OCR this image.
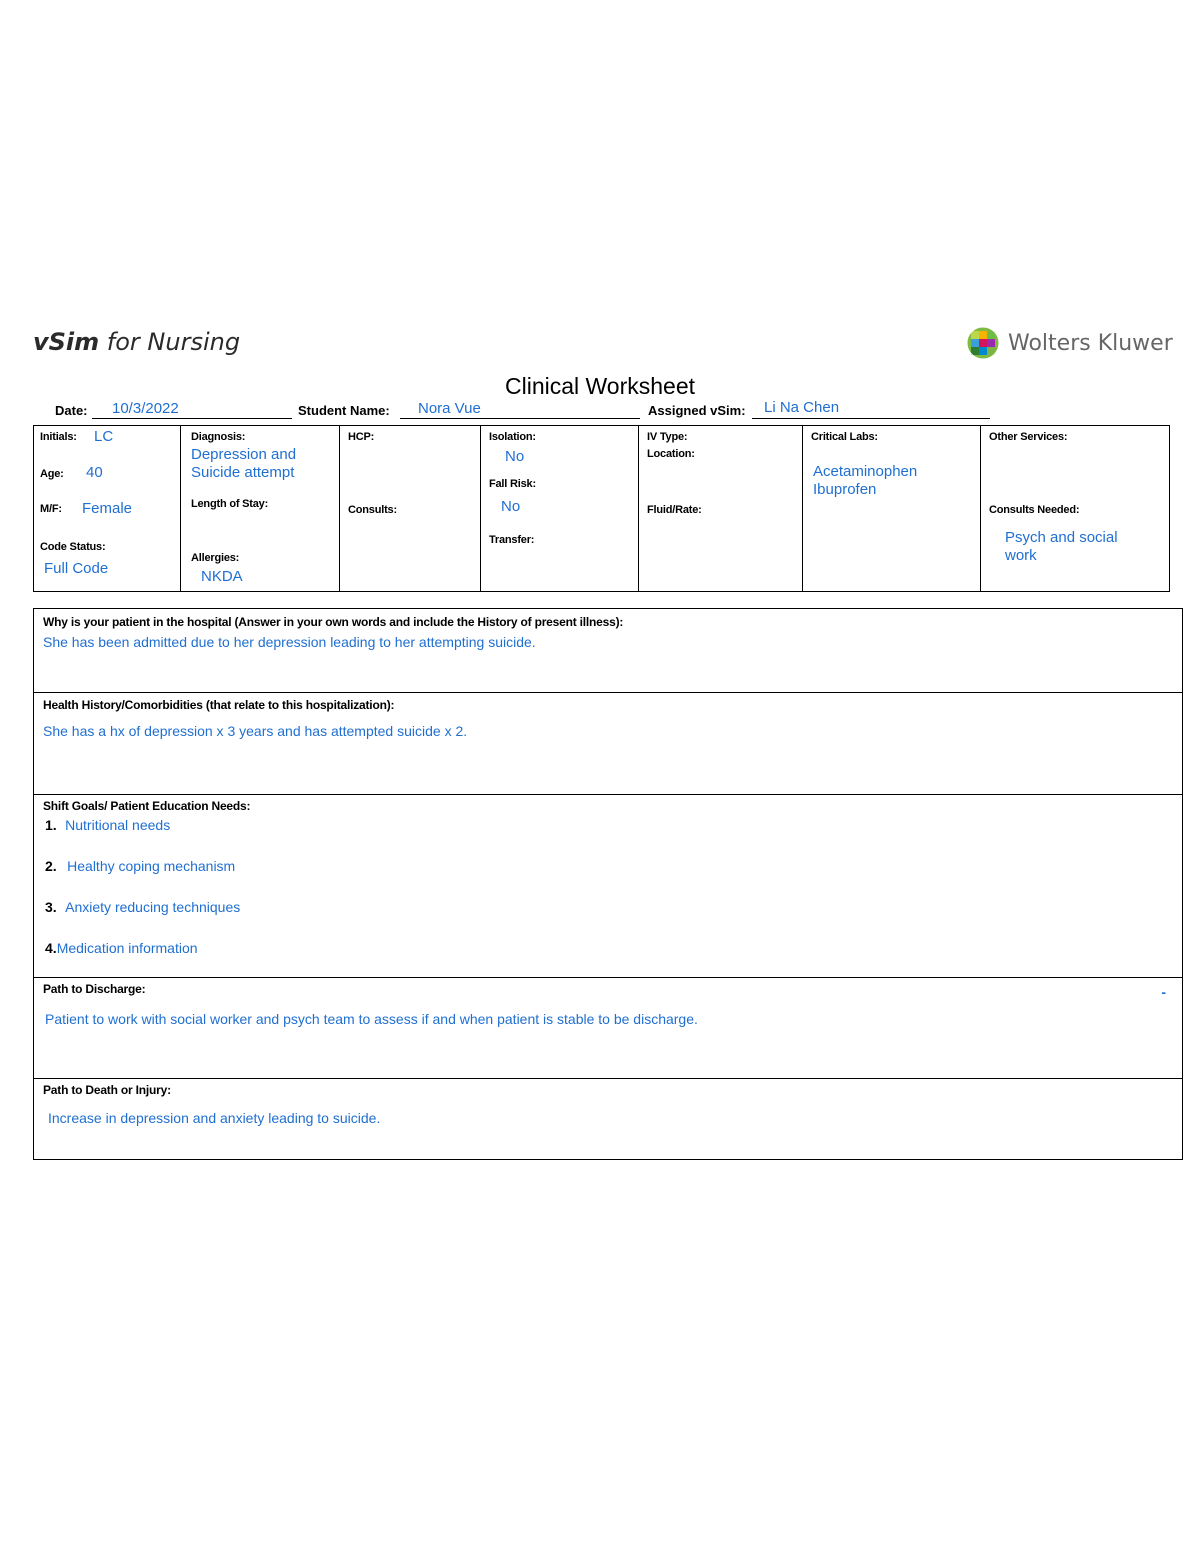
vSim for Nursing	Wolters Kluwer
Clinical Worksheet
Date: 10/3/2022	Student Name: Nora Vue	Assigned vSim: Li Na Chen
Initials: LC
Age: 40
M/F: Female
Code Status:
Full Code
Diagnosis:
Depression and
Suicide attempt
Length of Stay:
Allergies:
NKDA
HCP:
Consults:
Isolation:
No
Fall Risk:
No
Transfer:
IV Type:
Location:
Fluid/Rate:
Critical Labs:
Acetaminophen
Ibuprofen
Other Services:
Consults Needed:
Psych and social
work
Why is your patient in the hospital (Answer in your own words and include the History of present illness):
She has been admitted due to her depression leading to her attempting suicide.
Health History/Comorbidities (that relate to this hospitalization):
She has a hx of depression x 3 years and has attempted suicide x 2.
Shift Goals/ Patient Education Needs:
1. Nutritional needs
2. Healthy coping mechanism
3. Anxiety reducing techniques
4.Medication information
Path to Discharge:	-
Patient to work with social worker and psych team to assess if and when patient is stable to be discharge.
Path to Death or Injury:
Increase in depression and anxiety leading to suicide.
